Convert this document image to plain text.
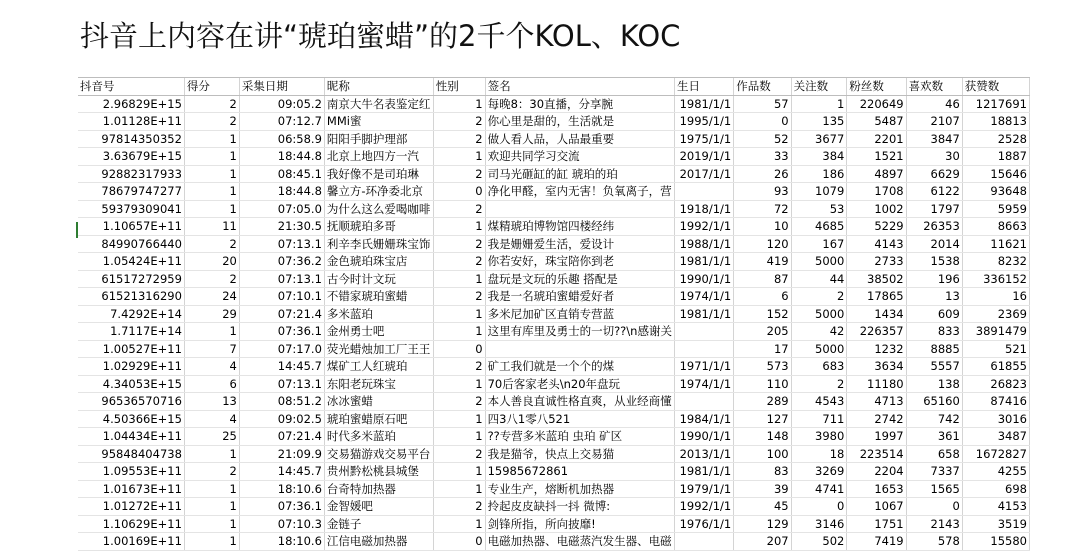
抖音上内容在讲“琥珀蜜蜡”的2千个KOL、KOC
抖音号	得分	采集日期	昵称	性别	签名	生日	作品数	关注数	粉丝数	喜欢数	获赞数
2.96829E+15	2	09:05.2	南京大牛名表鉴定红	1	每晚8：30直播，分享腕	1981/1/1	57	1	220649	46	1217691
1.01128E+11	2	07:12.7	MMi蜜	2	你心里是甜的，生活就是	1995/1/1	0	135	5487	2107	18813
97814350352	1	06:58.9	阳阳手脚护理部	2	做人看人品，人品最重要	1975/1/1	52	3677	2201	3847	2528
3.63679E+15	1	18:44.8	北京上地四方一汽	1	欢迎共同学习交流	2019/1/1	33	384	1521	30	1887
92882317933	1	08:45.1	我好像不是司珀琳	2	司马光砸缸的缸 琥珀的珀	2017/1/1	26	186	4897	6629	15646
78679747277	1	18:44.8	馨立方-环净委北京	0	净化甲醛，室内无害！负氧离子，营		93	1079	1708	6122	93648
59379309041	1	07:05.0	为什么这么爱喝咖啡	2		1918/1/1	72	53	1002	1797	5959
1.10657E+11	11	21:30.5	抚顺琥珀多哥	1	煤精琥珀博物馆四楼经纬	1992/1/1	10	4685	5229	26353	8663
84990766440	2	07:13.1	利辛李氏姗姗珠宝饰	2	我是姗姗爱生活，爱设计	1988/1/1	120	167	4143	2014	11621
1.05424E+11	20	07:36.2	金色琥珀珠宝店	2	你若安好，珠宝陪你到老	1981/1/1	419	5000	2733	1538	8232
61517272959	2	07:13.1	古今时计文玩	1	盘玩是文玩的乐趣 搭配是	1990/1/1	87	44	38502	196	336152
61521316290	24	07:10.1	不错家琥珀蜜蜡	2	我是一名琥珀蜜蜡爱好者	1974/1/1	6	2	17865	13	16
7.4292E+14	29	07:21.4	多米蓝珀	1	多米尼加矿区直销专营蓝	1981/1/1	152	5000	1434	609	2369
1.7117E+14	1	07:36.1	金州勇士吧	1	这里有库里及勇士的一切??\n感谢关		205	42	226357	833	3891479
1.00527E+11	7	07:17.0	荧光蜡烛加工厂王王	0			17	5000	1232	8885	521
1.02929E+11	4	14:45.7	煤矿工人红琥珀	2	矿工我们就是一个个的煤	1971/1/1	573	683	3634	5557	61855
4.34053E+15	6	07:13.1	东阳老玩珠宝	1	70后客家老头\n20年盘玩	1974/1/1	110	2	11180	138	26823
96536570716	13	08:51.2	冰冰蜜蜡	2	本人善良直诚性格直爽，从业经商懂		289	4543	4713	65160	87416
4.50366E+15	4	09:02.5	琥珀蜜蜡原石吧	1	四3八1零八521	1984/1/1	127	711	2742	742	3016
1.04434E+11	25	07:21.4	时代多米蓝珀	1	??专营多米蓝珀 虫珀 矿区	1990/1/1	148	3980	1997	361	3487
95848404738	1	21:09.9	交易猫游戏交易平台	2	我是猫爷，快点上交易猫	2013/1/1	100	18	223514	658	1672827
1.09553E+11	2	14:45.7	贵州黔松桃县城堡	1	15985672861	1981/1/1	83	3269	2204	7337	4255
1.01673E+11	1	18:10.6	台奇特加热器	1	专业生产，熔断机加热器	1979/1/1	39	4741	1653	1565	698
1.01272E+11	1	07:36.1	金智媛吧	2	拎起皮皮缺抖一抖 微博:	1992/1/1	45	0	1067	0	4153
1.10629E+11	1	07:10.3	金链子	1	剑锋所指，所向披靡!	1976/1/1	129	3146	1751	2143	3519
1.00169E+11	1	18:10.6	江信电磁加热器	0	电磁加热器、电磁蒸汽发生器、电磁		207	502	7419	578	15580
